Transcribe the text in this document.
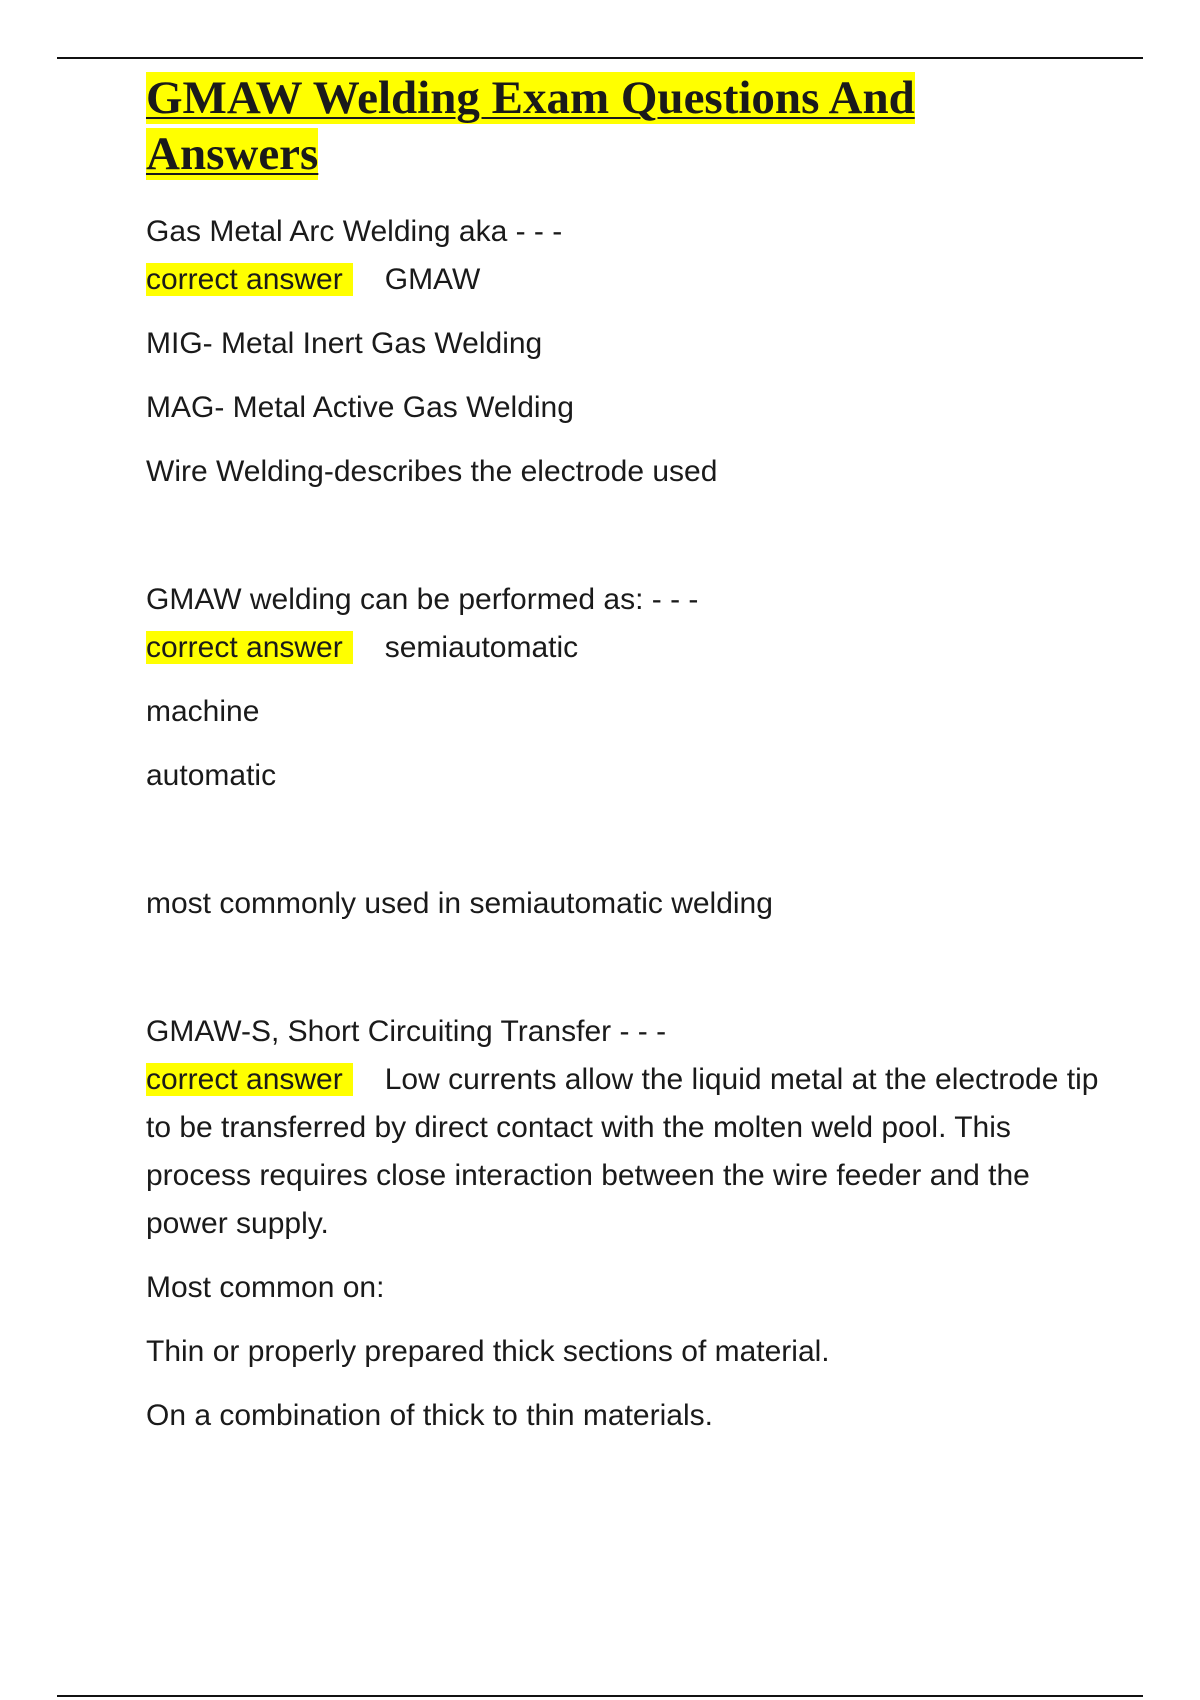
GMAW Welding Exam Questions And
Answers
Gas Metal Arc Welding aka - - -
correct answer GMAW
MIG- Metal Inert Gas Welding
MAG- Metal Active Gas Welding
Wire Welding-describes the electrode used
GMAW welding can be performed as: - - -
correct answer semiautomatic
machine
automatic
most commonly used in semiautomatic welding
GMAW-S, Short Circuiting Transfer - - -
correct answer Low currents allow the liquid metal at the electrode tip to be transferred by direct contact with the molten weld pool. This process requires close interaction between the wire feeder and the power supply.
Most common on:
Thin or properly prepared thick sections of material.
On a combination of thick to thin materials.
